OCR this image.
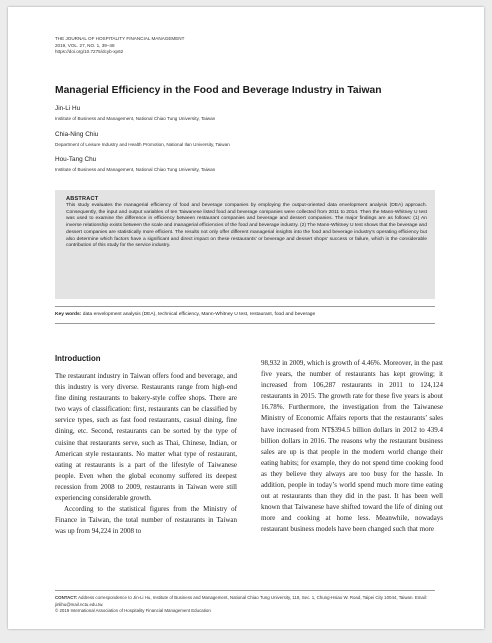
THE JOURNAL OF HOSPITALITY FINANCIAL MANAGEMENT
2019, VOL. 27, NO. 1, 39–48
https://doi.org/10.7275/dcyb-xp62
Managerial Efficiency in the Food and Beverage Industry in Taiwan
Jin-Li Hu
Institute of Business and Management, National Chiao Tung University, Taiwan
Chia-Ning Chiu
Department of Leisure Industry and Health Promotion, National Ilan University, Taiwan
Hou-Tang Chu
Institute of Business and Management, National Chiao Tung University, Taiwan
ABSTRACT
This study evaluates the managerial efficiency of food and beverage companies by employing the output-oriented data envelopment analysis (DEA) approach. Consequently, the input and output variables of ten Taiwanese listed food and beverage companies were collected from 2011 to 2014. Then the Mann-Whitney U test was used to examine the difference in efficiency between restaurant companies and beverage and dessert companies. The major findings are as follows: (1) An inverse relationship exists between the scale and managerial efficiencies of the food and beverage industry. (2) The Mann-Whitney U test shows that the beverage and dessert companies are statistically more efficient. The results not only offer different managerial insights into the food and beverage industry’s operating efficiency but also determine which factors have a significant and direct impact on these restaurants’ or beverage and dessert shops’ success or failure, which is the considerable contribution of this study for the service industry.
Key words: data envelopment analysis (DEA), technical efficiency, Mann-Whitney U test, restaurant, food and beverage
Introduction

The restaurant industry in Taiwan offers food and beverage, and this industry is very diverse. Restaurants range from high-end fine dining restaurants to bakery-style coffee shops. There are two ways of classification: first, restaurants can be classified by service types, such as fast food restaurants, casual dining, fine dining, etc. Second, restaurants can be sorted by the type of cuisine that restaurants serve, such as Thai, Chinese, Indian, or American style restaurants. No matter what type of restaurant, eating at restaurants is a part of the lifestyle of Taiwanese people. Even when the global economy suffered its deepest recession from 2008 to 2009, restaurants in Taiwan were still experiencing considerable growth.

According to the statistical figures from the Ministry of Finance in Taiwan, the total number of restaurants in Taiwan was up from 94,224 in 2008 to

98,932 in 2009, which is growth of 4.46%. Moreover, in the past five years, the number of restaurants has kept growing; it increased from 106,287 restaurants in 2011 to 124,124 restaurants in 2015. The growth rate for these five years is about 16.78%. Furthermore, the investigation from the Taiwanese Ministry of Economic Affairs reports that the restaurants’ sales have increased from NT$394.5 billion dollars in 2012 to 439.4 billion dollars in 2016. The reasons why the restaurant business sales are up is that people in the modern world change their eating habits; for example, they do not spend time cooking food as they believe they always are too busy for the hassle. In addition, people in today’s world spend much more time eating out at restaurants than they did in the past. It has been well known that Taiwanese have shifted toward the life of dining out more and cooking at home less. Meanwhile, nowadays restaurant business models have been changed such that more

CONTACT: Address correspondence to Jin-Li Hu, Institute of Business and Management, National Chiao Tung University, 118, Sec. 1, Chung-Hsiao W. Road, Taipei City 10044, Taiwan. Email: jinlihu@mail.nctu.edu.tw.
© 2019 International Association of Hospitality Financial Management Education
